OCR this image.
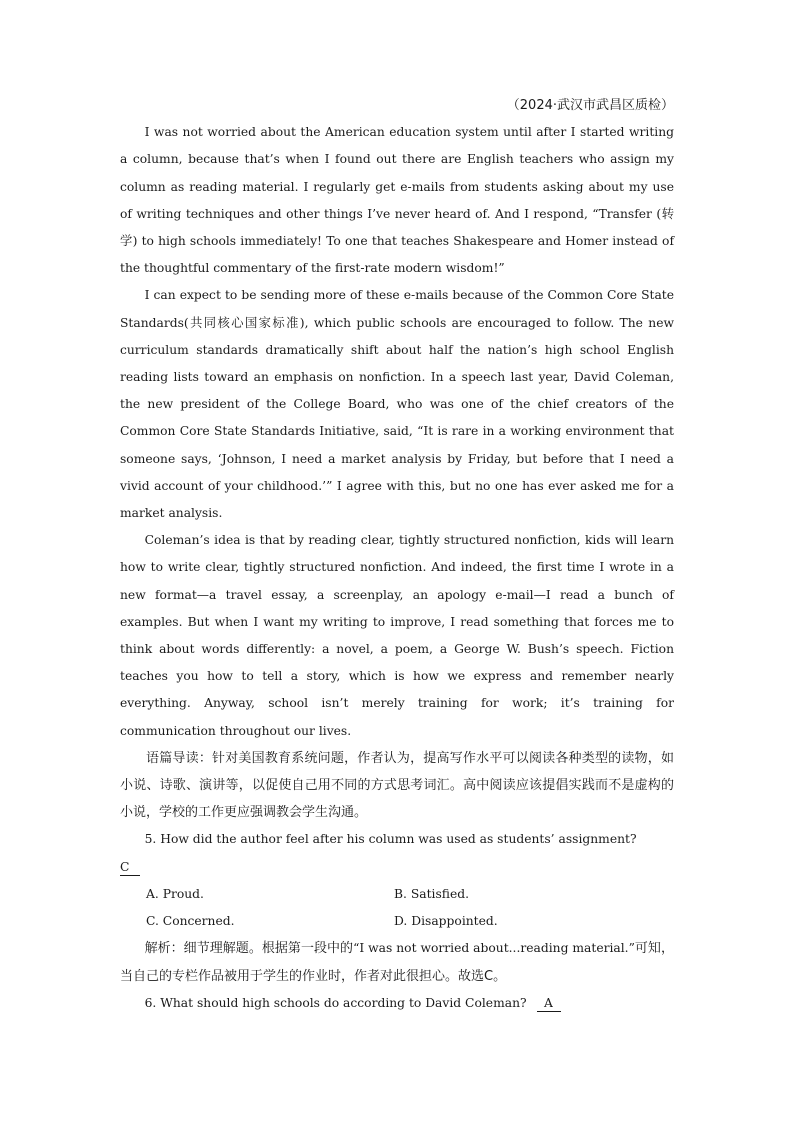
（2024·武汉市武昌区质检）

I was not worried about the American education system until after I started writing a column, because that’s when I found out there are English teachers who assign my column as reading material. I regularly get e-mails from students asking about my use of writing techniques and other things I’ve never heard of. And I respond, “Transfer (转学) to high schools immediately! To one that teaches Shakespeare and Homer instead of the thoughtful commentary of the first-rate modern wisdom!”

I can expect to be sending more of these e-mails because of the Common Core State Standards(共同核心国家标准), which public schools are encouraged to follow. The new curriculum standards dramatically shift about half the nation’s high school English reading lists toward an emphasis on nonfiction. In a speech last year, David Coleman, the new president of the College Board, who was one of the chief creators of the Common Core State Standards Initiative, said, “It is rare in a working environment that someone says, ‘Johnson, I need a market analysis by Friday, but before that I need a vivid account of your childhood.’” I agree with this, but no one has ever asked me for a market analysis.

Coleman’s idea is that by reading clear, tightly structured nonfiction, kids will learn how to write clear, tightly structured nonfiction. And indeed, the first time I wrote in a new format—a travel essay, a screenplay, an apology e-mail—I read a bunch of examples. But when I want my writing to improve, I read something that forces me to think about words differently: a novel, a poem, a George W. Bush’s speech. Fiction teaches you how to tell a story, which is how we express and remember nearly everything. Anyway, school isn’t merely training for work; it’s training for communication throughout our lives.

语篇导读：针对美国教育系统问题，作者认为，提高写作水平可以阅读各种类型的读物，如小说、诗歌、演讲等，以促使自己用不同的方式思考词汇。高中阅读应该提倡实践而不是虚构的小说，学校的工作更应强调教会学生沟通。

5. How did the author feel after his column was used as students’ assignment?

C
A. Proud.	B. Satisfied.
C. Concerned.	D. Disappointed.

解析：细节理解题。根据第一段中的“I was not worried about...reading material.”可知，当自己的专栏作品被用于学生的作业时，作者对此很担心。故选C。

6. What should high schools do according to David Coleman? A
